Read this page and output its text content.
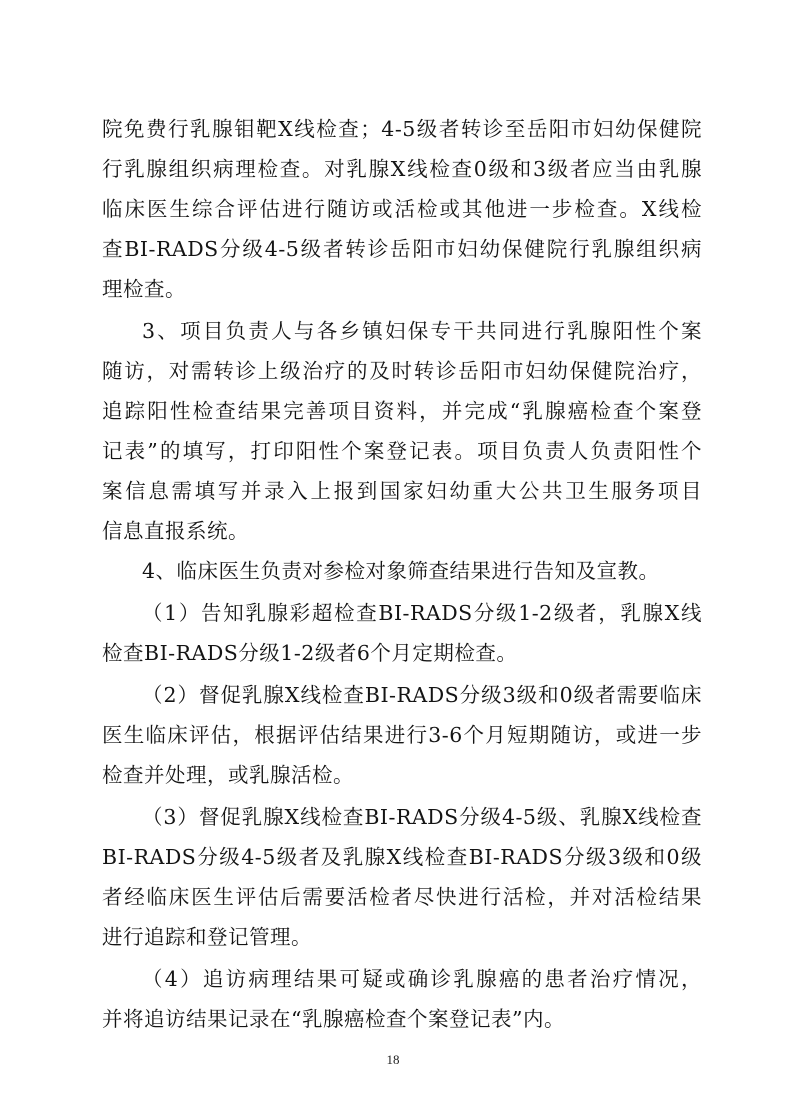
院免费行乳腺钼靶X线检查；4-5级者转诊至岳阳市妇幼保健院
行乳腺组织病理检查。对乳腺X线检查0级和3级者应当由乳腺
临床医生综合评估进行随访或活检或其他进一步检查。X线检
查BI-RADS分级4-5级者转诊岳阳市妇幼保健院行乳腺组织病
理检查。
3、项目负责人与各乡镇妇保专干共同进行乳腺阳性个案
随访，对需转诊上级治疗的及时转诊岳阳市妇幼保健院治疗，
追踪阳性检查结果完善项目资料，并完成“乳腺癌检查个案登
记表”的填写，打印阳性个案登记表。项目负责人负责阳性个
案信息需填写并录入上报到国家妇幼重大公共卫生服务项目
信息直报系统。
4、临床医生负责对参检对象筛查结果进行告知及宣教。
（1）告知乳腺彩超检查BI-RADS分级1-2级者，乳腺X线
检查BI-RADS分级1-2级者6个月定期检查。
（2）督促乳腺X线检查BI-RADS分级3级和0级者需要临床
医生临床评估，根据评估结果进行3-6个月短期随访，或进一步
检查并处理，或乳腺活检。
（3）督促乳腺X线检查BI-RADS分级4-5级、乳腺X线检查
BI-RADS分级4-5级者及乳腺X线检查BI-RADS分级3级和0级
者经临床医生评估后需要活检者尽快进行活检，并对活检结果
进行追踪和登记管理。
（4）追访病理结果可疑或确诊乳腺癌的患者治疗情况，
并将追访结果记录在“乳腺癌检查个案登记表”内。
18
